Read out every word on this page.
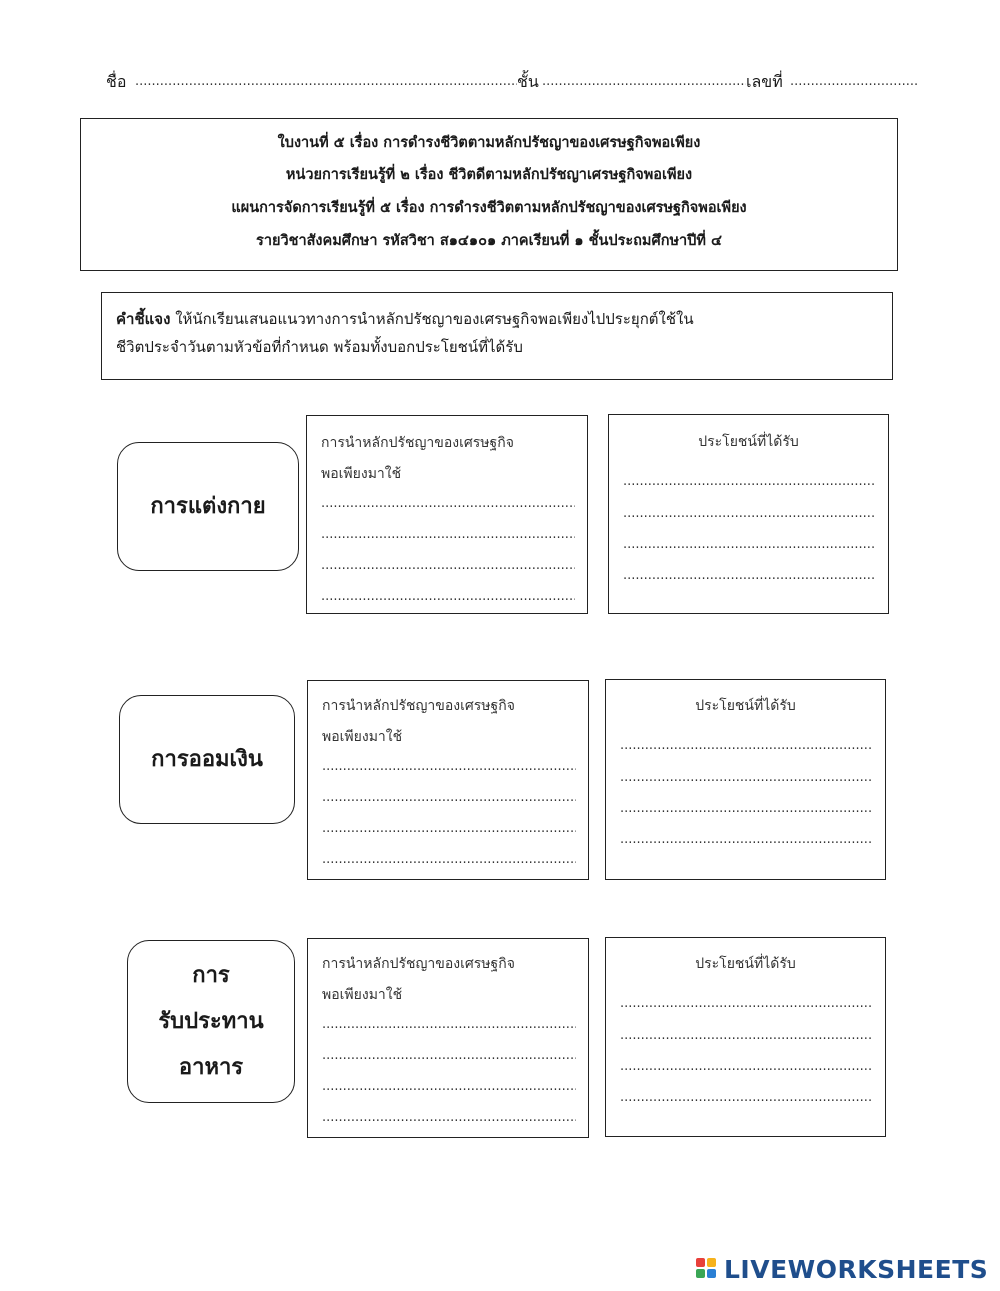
ชื่อ .....	ชั้น .....	เลขที่
.....
ใบงานที่ ๕ เรื่อง การดำรงชีวิตตามหลักปรัชญาของเศรษฐกิจพอเพียง
หน่วยการเรียนรู้ที่ ๒ เรื่อง ชีวิตดีตามหลักปรัชญาเศรษฐกิจพอเพียง
แผนการจัดการเรียนรู้ที่ ๕ เรื่อง การดำรงชีวิตตามหลักปรัชญาของเศรษฐกิจพอเพียง
รายวิชาสังคมศึกษา รหัสวิชา ส๑๔๑๐๑ ภาคเรียนที่ ๑ ชั้นประถมศึกษาปีที่ ๔
คำชี้แจง ให้นักเรียนเสนอแนวทางการนำหลักปรัชญาของเศรษฐกิจพอเพียงไปประยุกต์ใช้ใน
ชีวิตประจำวันตามหัวข้อที่กำหนด พร้อมทั้งบอกประโยชน์ที่ได้รับ
การแต่งกาย
การนำหลักปรัชญาของเศรษฐกิจ
พอเพียงมาใช้
.....
.....
.....
.....
ประโยชน์ที่ได้รับ
.....
.....
.....
.....
การออมเงิน
การนำหลักปรัชญาของเศรษฐกิจ
พอเพียงมาใช้
.....
.....
.....
.....
ประโยชน์ที่ได้รับ
.....
.....
.....
.....
การ
รับประทาน
อาหาร
การนำหลักปรัชญาของเศรษฐกิจ
พอเพียงมาใช้
.....
.....
.....
.....
ประโยชน์ที่ได้รับ
.....
.....
.....
.....
LIVEWORKSHEETS
